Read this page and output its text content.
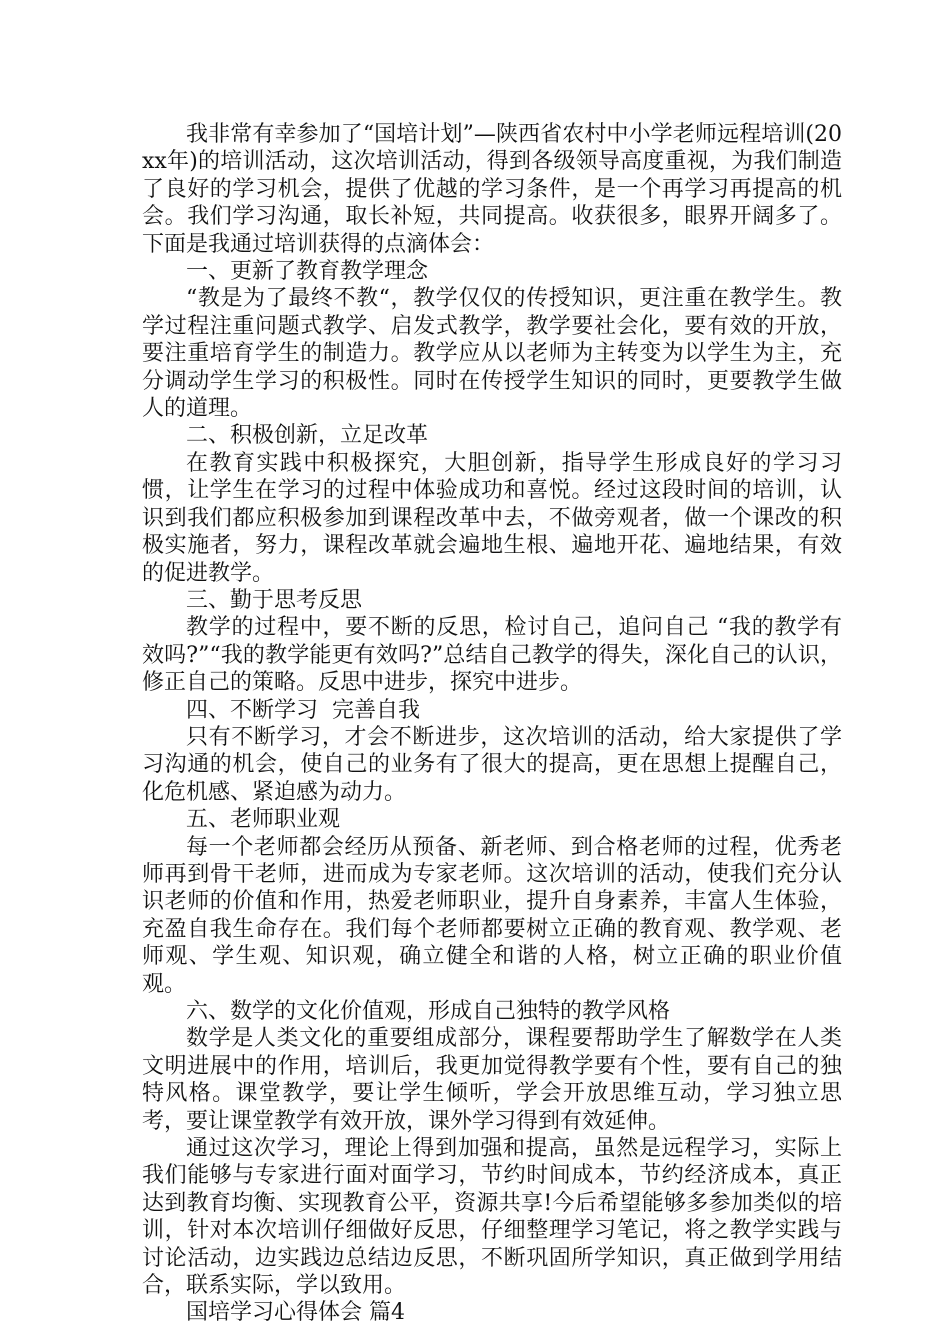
我非常有幸参加了“国培计划”—陕西省农村中小学老师远程培训(20xx年)的培训活动，这次培训活动，得到各级领导高度重视，为我们制造了良好的学习机会，提供了优越的学习条件，是一个再学习再提高的机会。我们学习沟通，取长补短，共同提高。收获很多，眼界开阔多了。下面是我通过培训获得的点滴体会：

一、更新了教育教学理念

“教是为了最终不教“，教学仅仅的传授知识，更注重在教学生。教学过程注重问题式教学、启发式教学，教学要社会化，要有效的开放，要注重培育学生的制造力。教学应从以老师为主转变为以学生为主，充分调动学生学习的积极性。同时在传授学生知识的同时，更要教学生做人的道理。

二、积极创新，立足改革

在教育实践中积极探究，大胆创新，指导学生形成良好的学习习惯，让学生在学习的过程中体验成功和喜悦。经过这段时间的培训，认识到我们都应积极参加到课程改革中去，不做旁观者，做一个课改的积极实施者，努力，课程改革就会遍地生根、遍地开花、遍地结果，有效的促进教学。

三、勤于思考反思

教学的过程中，要不断的反思，检讨自己，追问自己 “我的教学有效吗?”“我的教学能更有效吗?”总结自己教学的得失，深化自己的认识，修正自己的策略。反思中进步，探究中进步。

四、不断学习  完善自我

只有不断学习，才会不断进步，这次培训的活动，给大家提供了学习沟通的机会，使自己的业务有了很大的提高，更在思想上提醒自己，化危机感、紧迫感为动力。

五、老师职业观

每一个老师都会经历从预备、新老师、到合格老师的过程，优秀老师再到骨干老师，进而成为专家老师。这次培训的活动，使我们充分认识老师的价值和作用，热爱老师职业，提升自身素养，丰富人生体验，充盈自我生命存在。我们每个老师都要树立正确的教育观、教学观、老师观、学生观、知识观，确立健全和谐的人格，树立正确的职业价值观。

六、数学的文化价值观，形成自己独特的教学风格

数学是人类文化的重要组成部分，课程要帮助学生了解数学在人类文明进展中的作用，培训后，我更加觉得教学要有个性，要有自己的独特风格。课堂教学，要让学生倾听，学会开放思维互动，学习独立思考，要让课堂教学有效开放，课外学习得到有效延伸。

通过这次学习，理论上得到加强和提高，虽然是远程学习，实际上我们能够与专家进行面对面学习，节约时间成本，节约经济成本，真正达到教育均衡、实现教育公平，资源共享!今后希望能够多参加类似的培训，针对本次培训仔细做好反思，仔细整理学习笔记，将之教学实践与讨论活动，边实践边总结边反思，不断巩固所学知识，真正做到学用结合，联系实际，学以致用。

国培学习心得体会 篇4
